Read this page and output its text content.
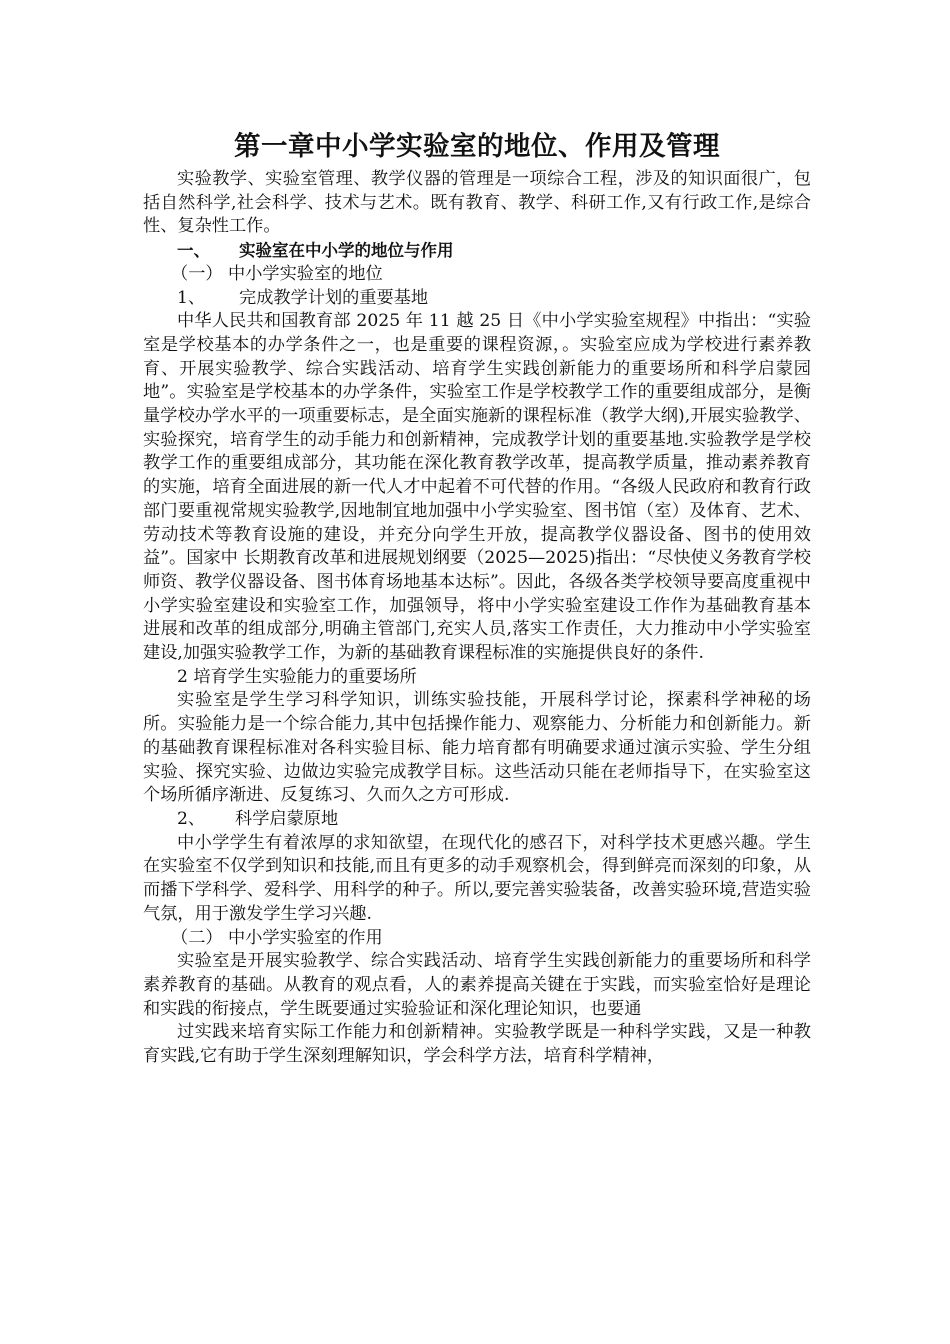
第一章中小学实验室的地位、作用及管理

实验教学、实验室管理、教学仪器的管理是一项综合工程，涉及的知识面很广，包括自然科学,社会科学、技术与艺术。既有教育、教学、科研工作,又有行政工作,是综合性、复杂性工作。

一、 实验室在中小学的地位与作用

（一） 中小学实验室的地位

1、 完成教学计划的重要基地

中华人民共和国教育部 2025 年 11 越 25 日《中小学实验室规程》中指出：“实验室是学校基本的办学条件之一，也是重要的课程资源，。实验室应成为学校进行素养教育、开展实验教学、综合实践活动、培育学生实践创新能力的重要场所和科学启蒙园地”。实验室是学校基本的办学条件，实验室工作是学校教学工作的重要组成部分，是衡量学校办学水平的一项重要标志，是全面实施新的课程标准（教学大纲),开展实验教学、实验探究，培育学生的动手能力和创新精神，完成教学计划的重要基地.实验教学是学校教学工作的重要组成部分，其功能在深化教育教学改革，提高教学质量，推动素养教育的实施，培育全面进展的新一代人才中起着不可代替的作用。“各级人民政府和教育行政部门要重视常规实验教学,因地制宜地加强中小学实验室、图书馆（室）及体育、艺术、劳动技术等教育设施的建设，并充分向学生开放，提高教学仪器设备、图书的使用效益”。国家中 长期教育改革和进展规划纲要（2025—2025)指出：“尽快使义务教育学校师资、教学仪器设备、图书体育场地基本达标”。因此，各级各类学校领导要高度重视中小学实验室建设和实验室工作，加强领导，将中小学实验室建设工作作为基础教育基本进展和改革的组成部分,明确主管部门,充实人员,落实工作责任，大力推动中小学实验室建设,加强实验教学工作，为新的基础教育课程标准的实施提供良好的条件.

2 培育学生实验能力的重要场所

实验室是学生学习科学知识，训练实验技能，开展科学讨论，探素科学神秘的场所。实验能力是一个综合能力,其中包括操作能力、观察能力、分析能力和创新能力。新的基础教育课程标准对各科实验目标、能力培育都有明确要求通过演示实验、学生分组实验、探究实验、边做边实验完成教学目标。这些活动只能在老师指导下，在实验室这个场所循序渐进、反复练习、久而久之方可形成.

2、 科学启蒙原地

中小学学生有着浓厚的求知欲望，在现代化的感召下，对科学技术更感兴趣。学生在实验室不仅学到知识和技能,而且有更多的动手观察机会，得到鲜亮而深刻的印象，从而播下学科学、爱科学、用科学的种子。所以,要完善实验装备，改善实验环境,营造实验气氛，用于激发学生学习兴趣.

（二） 中小学实验室的作用

实验室是开展实验教学、综合实践活动、培育学生实践创新能力的重要场所和科学素养教育的基础。从教育的观点看，人的素养提高关键在于实践，而实验室恰好是理论和实践的衔接点，学生既要通过实验验证和深化理论知识，也要通

过实践来培育实际工作能力和创新精神。实验教学既是一种科学实践，又是一种教育实践,它有助于学生深刻理解知识，学会科学方法，培育科学精神，
